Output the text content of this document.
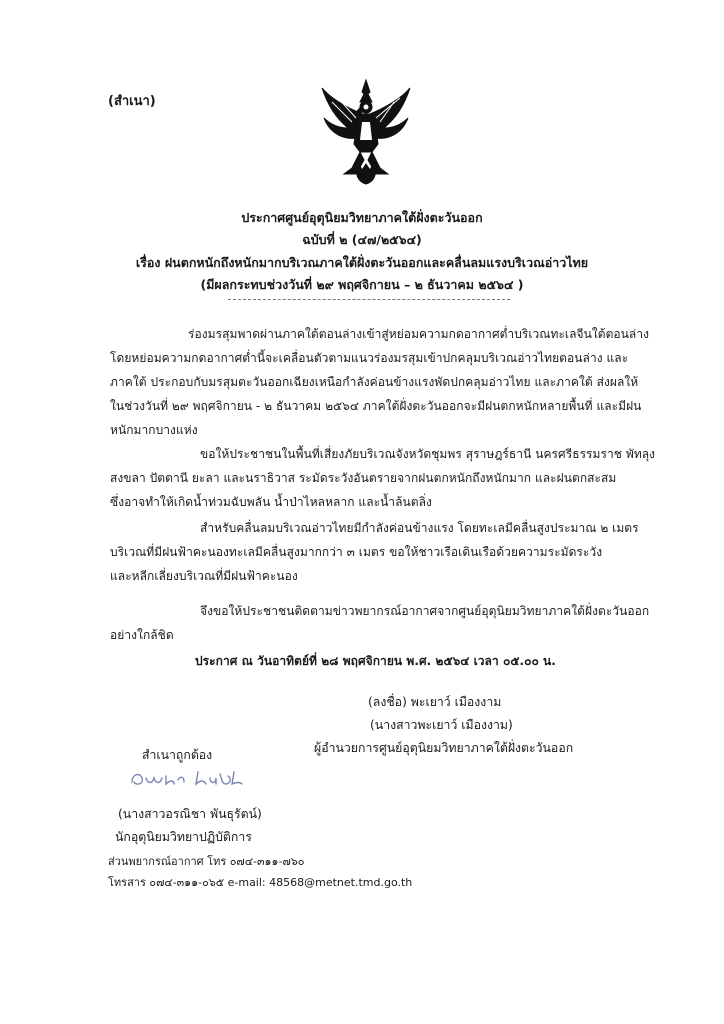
(สำเนา)
ประกาศศูนย์อุตุนิยมวิทยาภาคใต้ฝั่งตะวันออก
ฉบับที่ ๒ (๔๗/๒๕๖๔)
เรื่อง ฝนตกหนักถึงหนักมากบริเวณภาคใต้ฝั่งตะวันออกและคลื่นลมแรงบริเวณอ่าวไทย
(มีผลกระทบช่วงวันที่ ๒๙ พฤศจิกายน – ๒ ธันวาคม ๒๕๖๔ )
ร่องมรสุมพาดผ่านภาคใต้ตอนล่างเข้าสู่หย่อมความกดอากาศต่ำบริเวณทะเลจีนใต้ตอนล่าง
โดยหย่อมความกดอากาศต่ำนี้จะเคลื่อนตัวตามแนวร่องมรสุมเข้าปกคลุมบริเวณอ่าวไทยตอนล่าง และ
ภาคใต้ ประกอบกับมรสุมตะวันออกเฉียงเหนือกำลังค่อนข้างแรงพัดปกคลุมอ่าวไทย และภาคใต้ ส่งผลให้
ในช่วงวันที่ ๒๙ พฤศจิกายน - ๒ ธันวาคม ๒๕๖๔ ภาคใต้ฝั่งตะวันออกจะมีฝนตกหนักหลายพื้นที่ และมีฝน
หนักมากบางแห่ง
ขอให้ประชาชนในพื้นที่เสี่ยงภัยบริเวณจังหวัดชุมพร สุราษฎร์ธานี นครศรีธรรมราช พัทลุง
สงขลา ปัตตานี ยะลา และนราธิวาส ระมัดระวังอันตรายจากฝนตกหนักถึงหนักมาก และฝนตกสะสม
ซึ่งอาจทำให้เกิดน้ำท่วมฉับพลัน น้ำป่าไหลหลาก และน้ำล้นตลิ่ง
สำหรับคลื่นลมบริเวณอ่าวไทยมีกำลังค่อนข้างแรง โดยทะเลมีคลื่นสูงประมาณ ๒ เมตร
บริเวณที่มีฝนฟ้าคะนองทะเลมีคลื่นสูงมากกว่า ๓ เมตร ขอให้ชาวเรือเดินเรือด้วยความระมัดระวัง
และหลีกเลี่ยงบริเวณที่มีฝนฟ้าคะนอง
จึงขอให้ประชาชนติดตามข่าวพยากรณ์อากาศจากศูนย์อุตุนิยมวิทยาภาคใต้ฝั่งตะวันออก
อย่างใกล้ชิด
ประกาศ ณ วันอาทิตย์ที่ ๒๘ พฤศจิกายน พ.ศ. ๒๕๖๔ เวลา ๐๕.๐๐ น.
(ลงชื่อ) พะเยาว์ เมืองงาม
(นางสาวพะเยาว์ เมืองงาม)
ผู้อำนวยการศูนย์อุตุนิยมวิทยาภาคใต้ฝั่งตะวันออก
สำเนาถูกต้อง
(นางสาวอรณิชา พันธุรัตน์)
นักอุตุนิยมวิทยาปฏิบัติการ
ส่วนพยากรณ์อากาศ โทร ๐๗๔-๓๑๑-๗๖๐
โทรสาร ๐๗๔-๓๑๑-๐๖๕ e-mail: 48568@metnet.tmd.go.th
